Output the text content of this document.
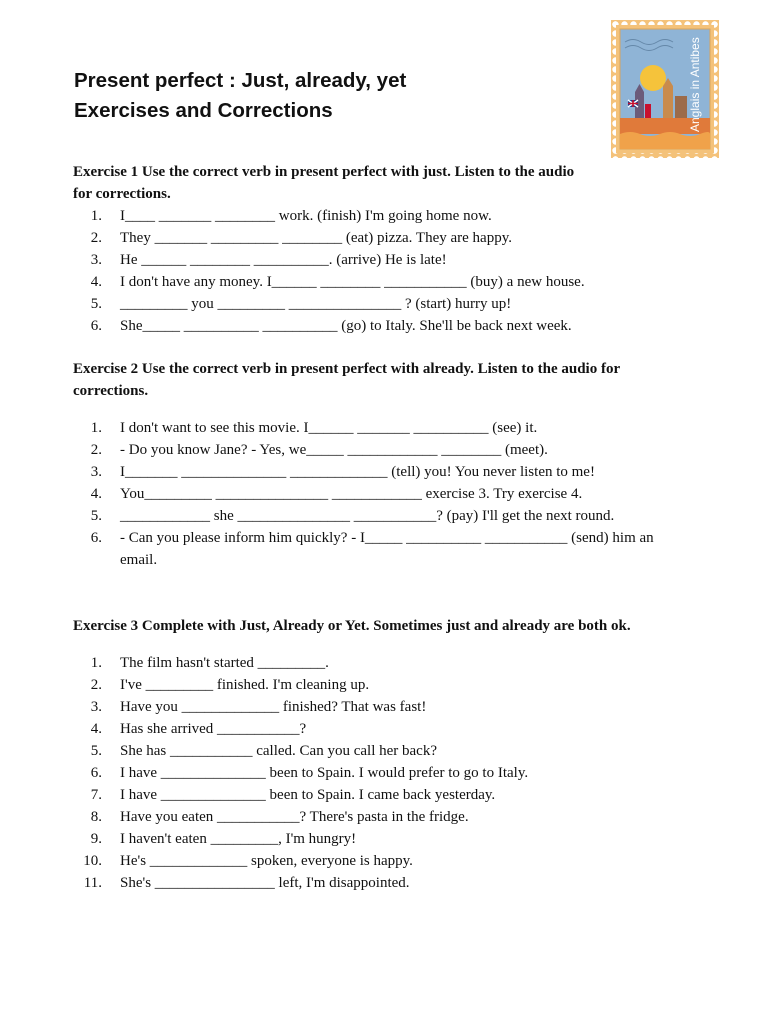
Present perfect : Just, already, yet
Exercises and Corrections	Anglais in Antibes
Exercise 1 Use the correct verb in present perfect with just. Listen to the audio for corrections.
1. I____ _______ ________ work. (finish) I'm going home now.
2. They _______ _________ ________ (eat) pizza. They are happy.
3. He ______ ________ __________. (arrive) He is late!
4. I don't have any money. I______ ________ ___________ (buy) a new house.
5. _________ you _________ _______________ ? (start) hurry up!
6. She_____ __________ __________ (go) to Italy. She'll be back next week.
Exercise 2 Use the correct verb in present perfect with already. Listen to the audio for corrections.
1. I don't want to see this movie. I______ _______ __________ (see) it.
2. - Do you know Jane? - Yes, we_____ ____________ ________ (meet).
3. I_______ ______________ _____________ (tell) you! You never listen to me!
4. You_________ _______________ ____________ exercise 3. Try exercise 4.
5. ____________ she _______________ ___________? (pay) I'll get the next round.
6. - Can you please inform him quickly? - I_____ __________ ___________ (send) him an email.
Exercise 3 Complete with Just, Already or Yet. Sometimes just and already are both ok.
1. The film hasn't started _________.
2. I've _________ finished. I'm cleaning up.
3. Have you _____________ finished? That was fast!
4. Has she arrived ___________?
5. She has ___________ called. Can you call her back?
6. I have ______________ been to Spain. I would prefer to go to Italy.
7. I have ______________ been to Spain. I came back yesterday.
8. Have you eaten ___________? There's pasta in the fridge.
9. I haven't eaten _________, I'm hungry!
10. He's _____________ spoken, everyone is happy.
11. She's ________________ left, I'm disappointed.
